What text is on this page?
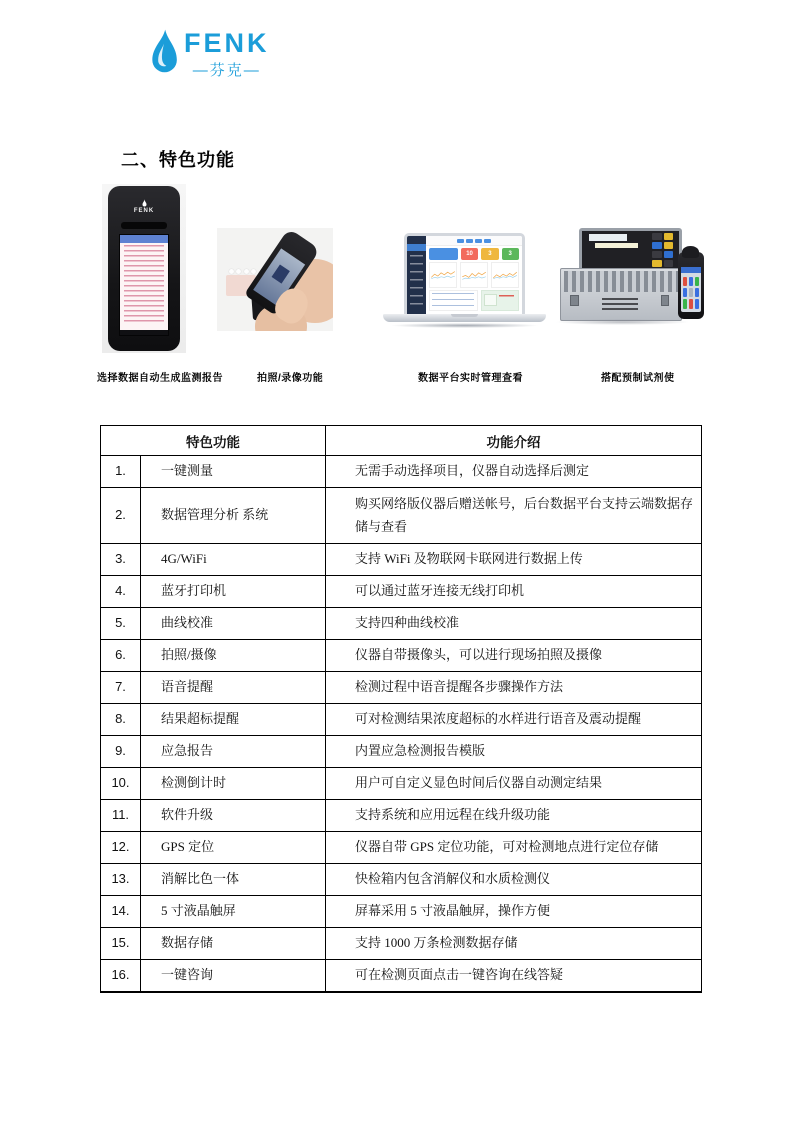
FENK
—芬克—
二、特色功能
FENK
10	3	3
选择数据自动生成监测报告	拍照/录像功能	数据平台实时管理查看	搭配预制试剂使
特色功能		功能介绍
1.	一键测量	无需手动选择项目，仪器自动选择后测定
2.	数据管理分析 系统	购买网络版仪器后赠送帐号，后台数据平台支持云端数据存储与查看
3.	4G/WiFi	支持 WiFi 及物联网卡联网进行数据上传
4.	蓝牙打印机	可以通过蓝牙连接无线打印机
5.	曲线校准	支持四种曲线校准
6.	拍照/摄像	仪器自带摄像头，可以进行现场拍照及摄像
7.	语音提醒	检测过程中语音提醒各步骤操作方法
8.	结果超标提醒	可对检测结果浓度超标的水样进行语音及震动提醒
9.	应急报告	内置应急检测报告模版
10.	检测倒计时	用户可自定义显色时间后仪器自动测定结果
11.	软件升级	支持系统和应用远程在线升级功能
12.	GPS 定位	仪器自带 GPS 定位功能，可对检测地点进行定位存储
13.	消解比色一体	快检箱内包含消解仪和水质检测仪
14.	5 寸液晶触屏	屏幕采用 5 寸液晶触屏，操作方便
15.	数据存储	支持 1000 万条检测数据存储
16.	一键咨询	可在检测页面点击一键咨询在线答疑
